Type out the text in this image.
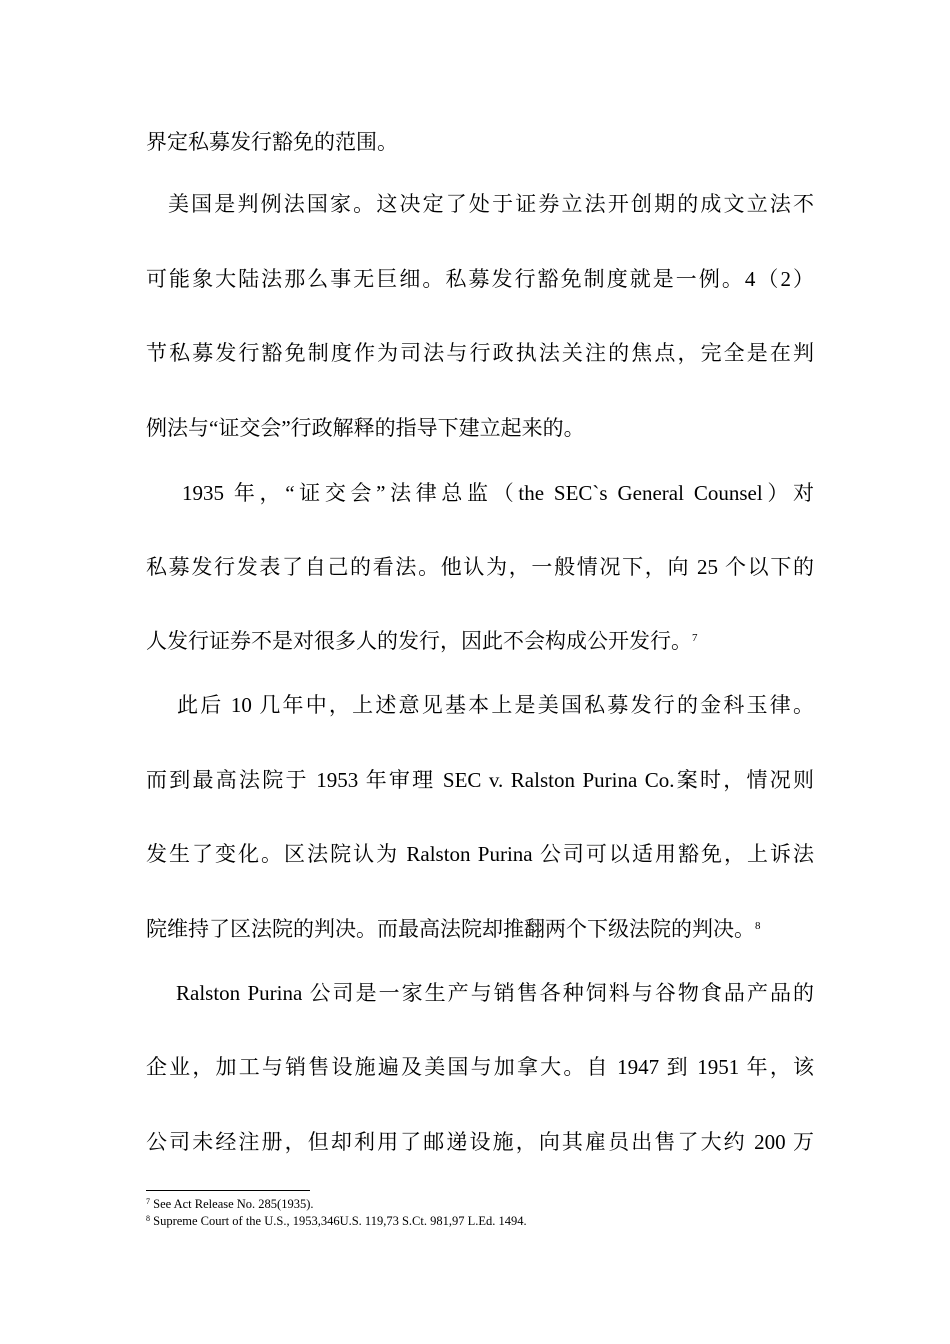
界定私募发行豁免的范围。
美国是判例法国家。这决定了处于证券立法开创期的成文立法不
可能象大陆法那么事无巨细。私募发行豁免制度就是一例。4（2）
节私募发行豁免制度作为司法与行政执法关注的焦点，完全是在判
例法与“证交会”行政解释的指导下建立起来的。
1935 年，“证交会”法律总监（the SEC`s General Counsel）对
私募发行发表了自己的看法。他认为，一般情况下，向 25 个以下的
人发行证券不是对很多人的发行，因此不会构成公开发行。$^7$
此后 10 几年中，上述意见基本上是美国私募发行的金科玉律。
而到最高法院于 1953 年审理 SEC v. Ralston Purina Co.案时，情况则
发生了变化。区法院认为 Ralston Purina 公司可以适用豁免，上诉法
院维持了区法院的判决。而最高法院却推翻两个下级法院的判决。$^8$
Ralston Purina 公司是一家生产与销售各种饲料与谷物食品产品的
企业，加工与销售设施遍及美国与加拿大。自 1947 到 1951 年，该
公司未经注册，但却利用了邮递设施，向其雇员出售了大约 200 万
$^7$ See Act Release No. 285(1935).
$^8$ Supreme Court of the U.S., 1953,346U.S. 119,73 S.Ct. 981,97 L.Ed. 1494.
